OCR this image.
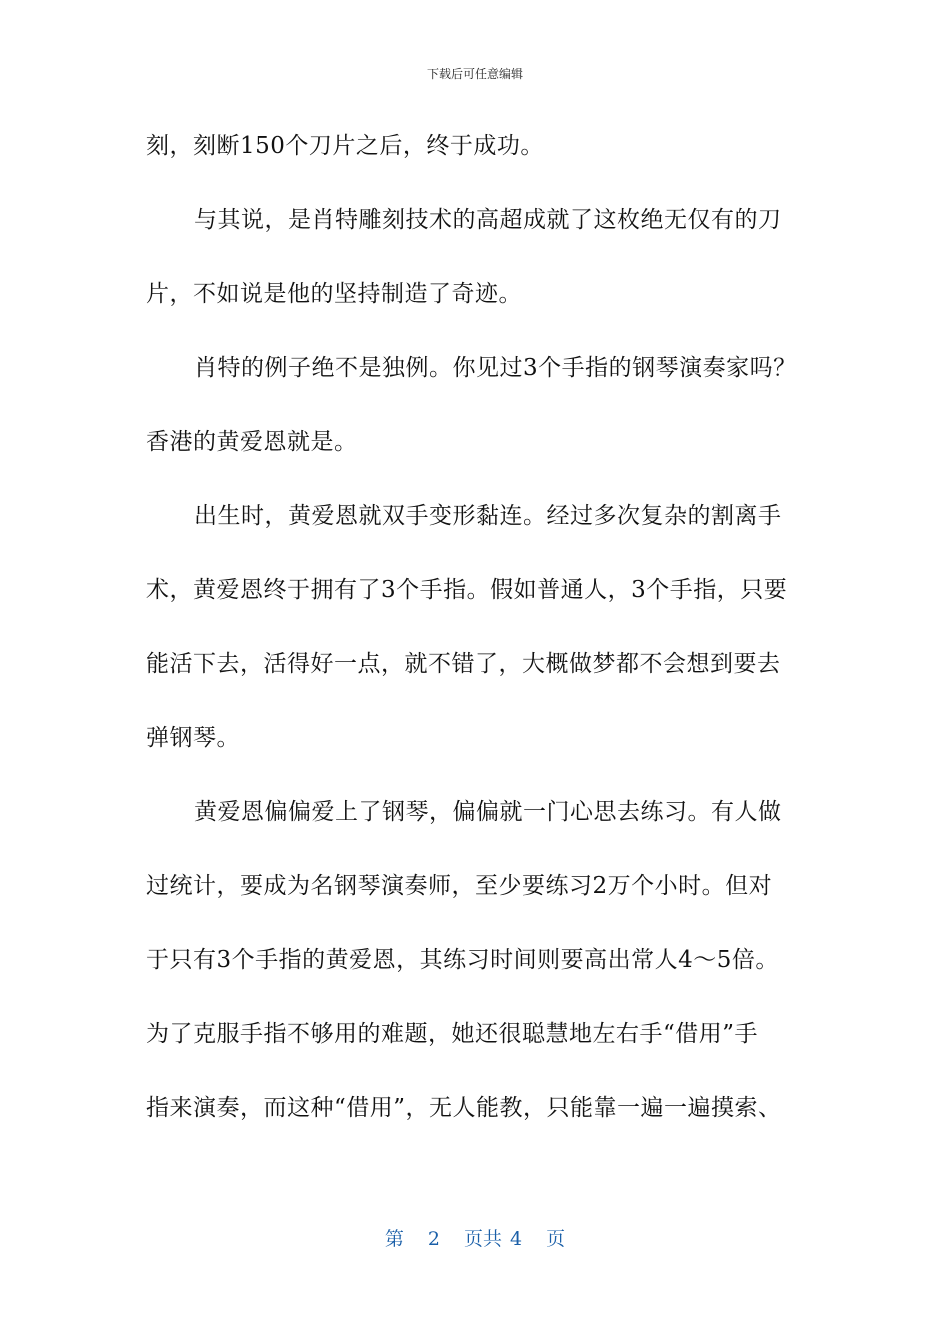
下载后可任意编辑
刻，刻断150个刀片之后，终于成功。
与其说，是肖特雕刻技术的高超成就了这枚绝无仅有的刀
片，不如说是他的坚持制造了奇迹。
肖特的例子绝不是独例。你见过3个手指的钢琴演奏家吗？
香港的黄爱恩就是。
出生时，黄爱恩就双手变形黏连。经过多次复杂的割离手
术，黄爱恩终于拥有了3个手指。假如普通人，3个手指，只要
能活下去，活得好一点，就不错了，大概做梦都不会想到要去
弹钢琴。
黄爱恩偏偏爱上了钢琴，偏偏就一门心思去练习。有人做
过统计，要成为名钢琴演奏师，至少要练习2万个小时。但对
于只有3个手指的黄爱恩，其练习时间则要高出常人4～5倍。
为了克服手指不够用的难题，她还很聪慧地左右手“借用”手
指来演奏，而这种“借用”，无人能教，只能靠一遍一遍摸索、
第 2 页共 4 页
